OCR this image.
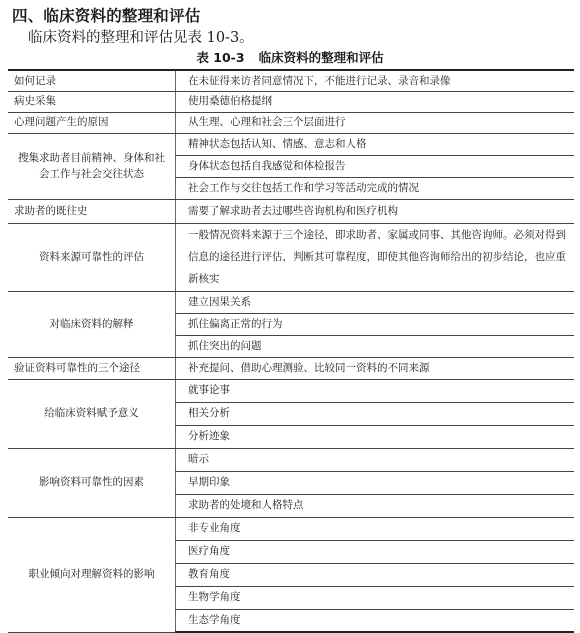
四、临床资料的整理和评估
临床资料的整理和评估见表 10-3。
表 10-3 临床资料的整理和评估
如何记录	在未征得来访者同意情况下，不能进行记录、录音和录像
病史采集	使用桑德伯格提纲
心理问题产生的原因	从生理、心理和社会三个层面进行
搜集求助者目前精神、身体和社会工作与社会交往状态	精神状态包括认知、情感、意志和人格
	身体状态包括自我感觉和体检报告
	社会工作与交往包括工作和学习等活动完成的情况
求助者的既往史	需要了解求助者去过哪些咨询机构和医疗机构
资料来源可靠性的评估	一般情况资料来源于三个途径，即求助者、家属或同事、其他咨询师。必须对得到信息的途径进行评估，判断其可靠程度，即使其他咨询师给出的初步结论，也应重新核实
对临床资料的解释	建立因果关系
	抓住偏离正常的行为
	抓住突出的问题
验证资料可靠性的三个途径	补充提问、借助心理测验、比较同一资料的不同来源
给临床资料赋予意义	就事论事
	相关分析
	分析迹象
影响资料可靠性的因素	暗示
	早期印象
	求助者的处境和人格特点
职业倾向对理解资料的影响	非专业角度
	医疗角度
	教育角度
	生物学角度
	生态学角度
